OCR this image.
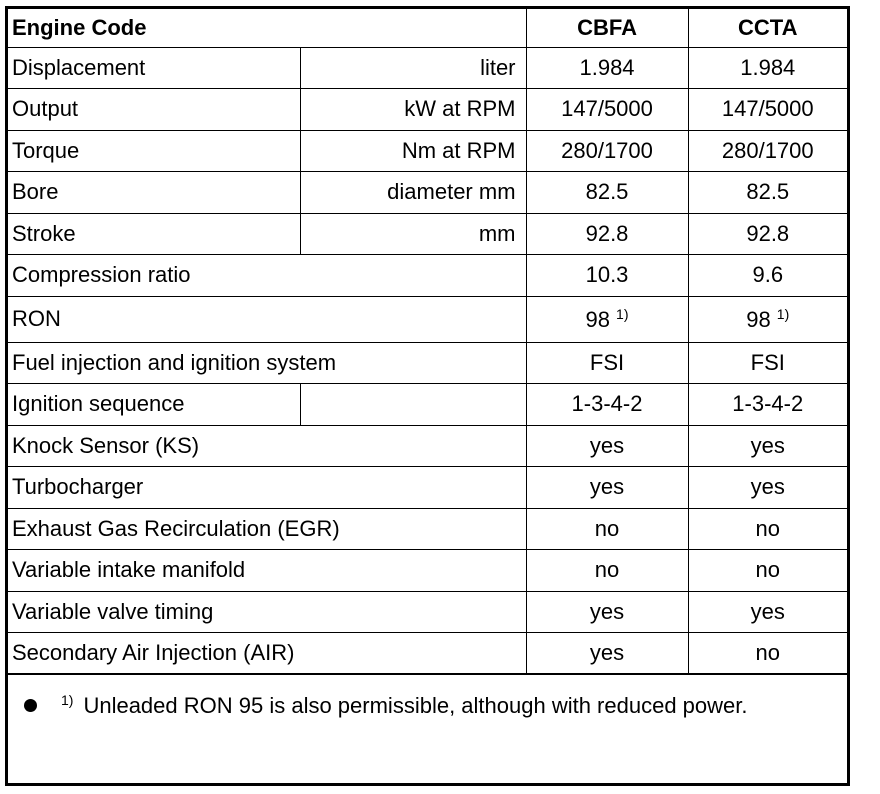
Engine Code		CBFA	CCTA
Displacement	liter	1.984	1.984
Output	kW at RPM	147/5000	147/5000
Torque	Nm at RPM	280/1700	280/1700
Bore	diameter mm	82.5	82.5
Stroke	mm	92.8	92.8
Compression ratio		10.3	9.6
RON		98 $^{1)}$	98 $^{1)}$
Fuel injection and ignition system		FSI	FSI
Ignition sequence		1-3-4-2	1-3-4-2
Knock Sensor (KS)		yes	yes
Turbocharger		yes	yes
Exhaust Gas Recirculation (EGR)		no	no
Variable intake manifold		no	no
Variable valve timing		yes	yes
Secondary Air Injection (AIR)		yes	no
$^{1)}$ Unleaded RON 95 is also permissible, although with reduced power.
